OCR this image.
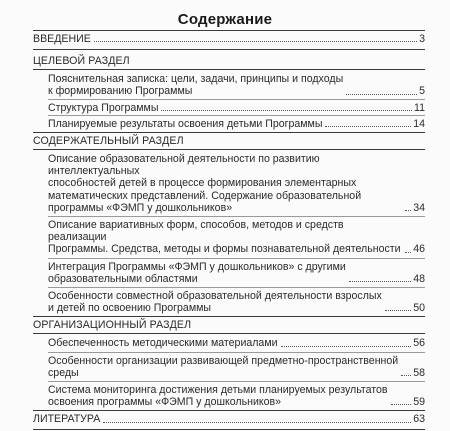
Содержание
ВВЕДЕНИЕ	3
ЦЕЛЕВОЙ РАЗДЕЛ
Пояснительная записка: цели, задачи, принципы и подходы
к формированию Программы	5
Структура Программы	11
Планируемые результаты освоения детьми Программы	14
СОДЕРЖАТЕЛЬНЫЙ РАЗДЕЛ
Описание образовательной деятельности по развитию интеллектуальных
способностей детей в процессе формирования элементарных
математических представлений. Содержание образовательной
программы «ФЭМП у дошкольников»	34
Описание вариативных форм, способов, методов и средств реализации
Программы. Средства, методы и формы познавательной деятельности 46
Интеграция Программы «ФЭМП у дошкольников» с другими
образовательными областями	48
Особенности совместной образовательной деятельности взрослых
и детей по освоению Программы	50
ОРГАНИЗАЦИОННЫЙ РАЗДЕЛ
Обеспеченность методическими материалами	56
Особенности организации развивающей предметно-пространственной
среды	58
Система мониторинга достижения детьми планируемых результатов
освоения программы «ФЭМП у дошкольников»	59
ЛИТЕРАТУРА	63
